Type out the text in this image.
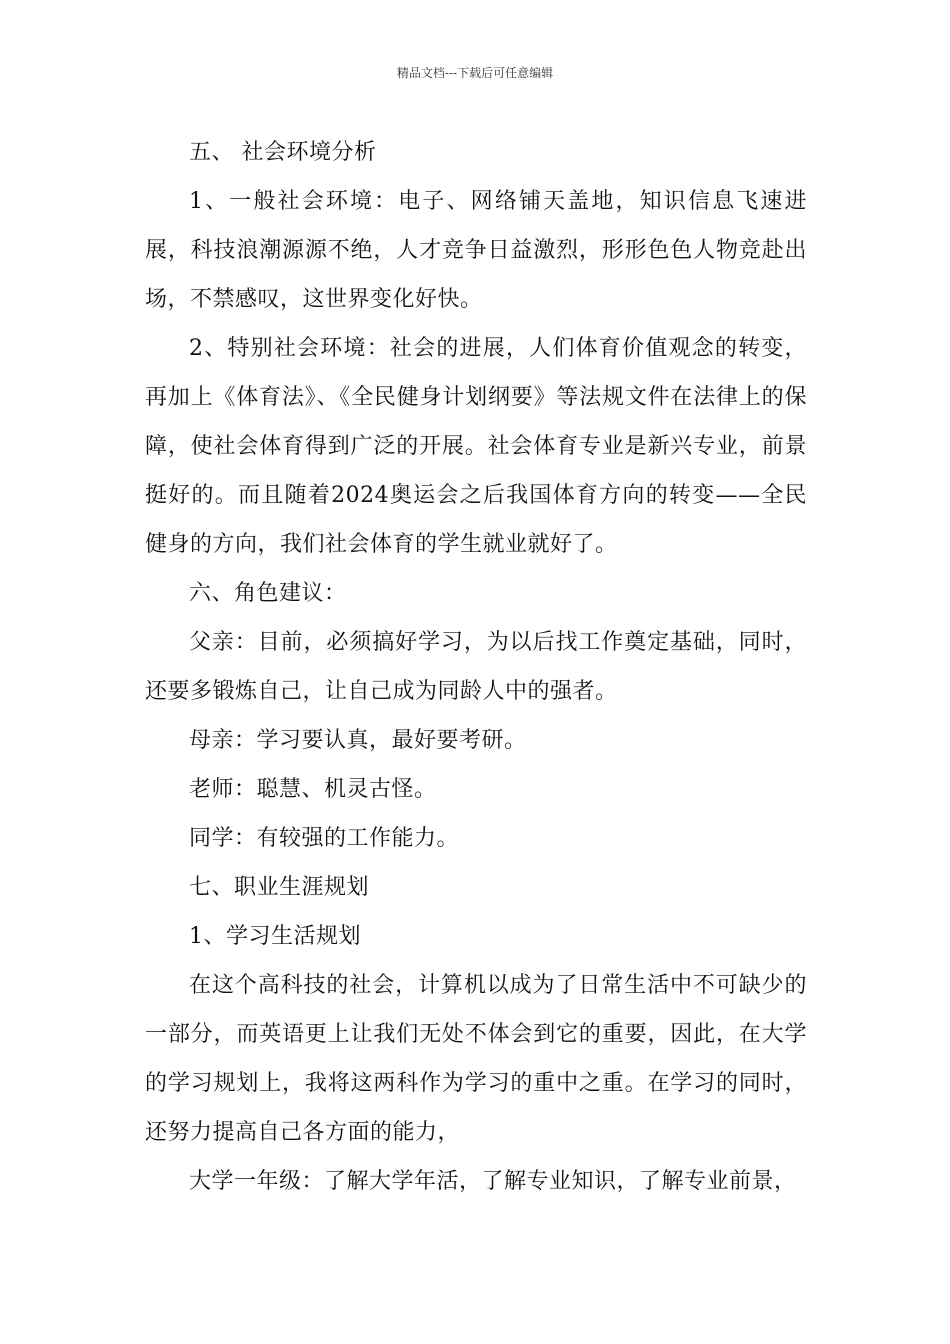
精品文档---下载后可任意编辑

五、 社会环境分析

1、一般社会环境：电子、网络铺天盖地，知识信息飞速进展，科技浪潮源源不绝，人才竞争日益激烈，形形色色人物竞赴出场，不禁感叹，这世界变化好快。

2、特别社会环境：社会的进展，人们体育价值观念的转变，再加上《体育法》、《全民健身计划纲要》等法规文件在法律上的保障，使社会体育得到广泛的开展。社会体育专业是新兴专业，前景挺好的。而且随着2024奥运会之后我国体育方向的转变——全民健身的方向，我们社会体育的学生就业就好了。

六、角色建议：

父亲：目前，必须搞好学习，为以后找工作奠定基础，同时，还要多锻炼自己，让自己成为同龄人中的强者。

母亲：学习要认真，最好要考研。

老师：聪慧、机灵古怪。

同学：有较强的工作能力。

七、职业生涯规划

1、学习生活规划

在这个高科技的社会，计算机以成为了日常生活中不可缺少的一部分，而英语更上让我们无处不体会到它的重要，因此，在大学的学习规划上，我将这两科作为学习的重中之重。在学习的同时，还努力提高自己各方面的能力，

大学一年级：了解大学年活，了解专业知识，了解专业前景，
